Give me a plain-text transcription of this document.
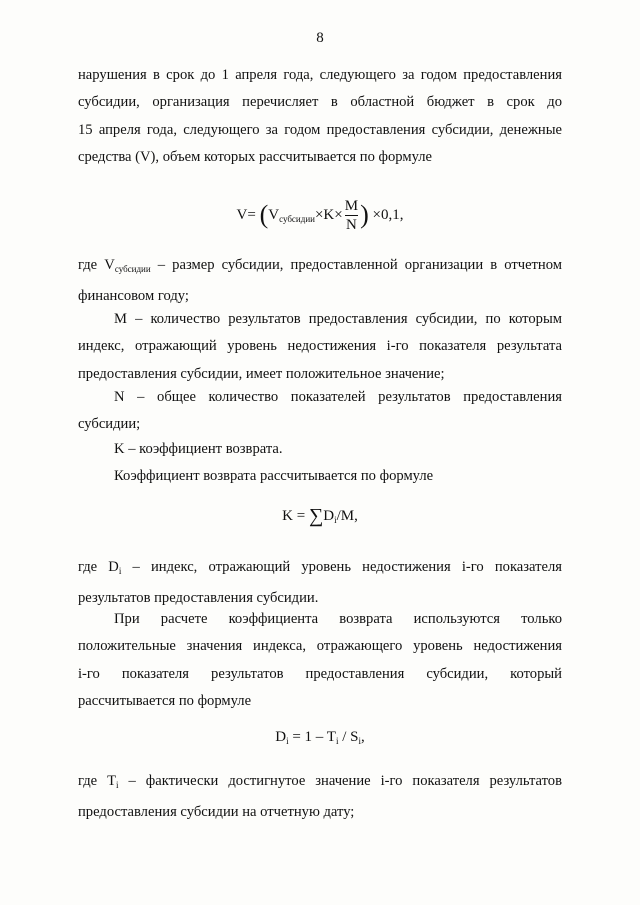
8
нарушения в срок до 1 апреля года, следующего за годом предоставления
субсидии, организация перечисляет в областной бюджет в срок до
15 апреля года, следующего за годом предоставления субсидии, денежные
средства (V), объем которых рассчитывается по формуле
$V= (V_{субсидии}\times K\times \frac{M}{N}$ ) ×0,1,
где $V_{субсидии}$ – размер субсидии, предоставленной организации в отчетном
финансовом году;
M – количество результатов предоставления субсидии, по которым
индекс, отражающий уровень недостижения i-го показателя результата
предоставления субсидии, имеет положительное значение;
N – общее количество показателей результатов предоставления
субсидии;
K – коэффициент возврата.
Коэффициент возврата рассчитывается по формуле
$K = \sum D_i/M$,
где $D_i$ – индекс, отражающий уровень недостижения i-го показателя
результатов предоставления субсидии.
При расчете коэффициента возврата используются только
положительные значения индекса, отражающего уровень недостижения
i-го показателя результатов предоставления субсидии, который
рассчитывается по формуле
$D_i = 1 - T_i / S_i$,
где $T_i$ – фактически достигнутое значение i-го показателя результатов
предоставления субсидии на отчетную дату;
